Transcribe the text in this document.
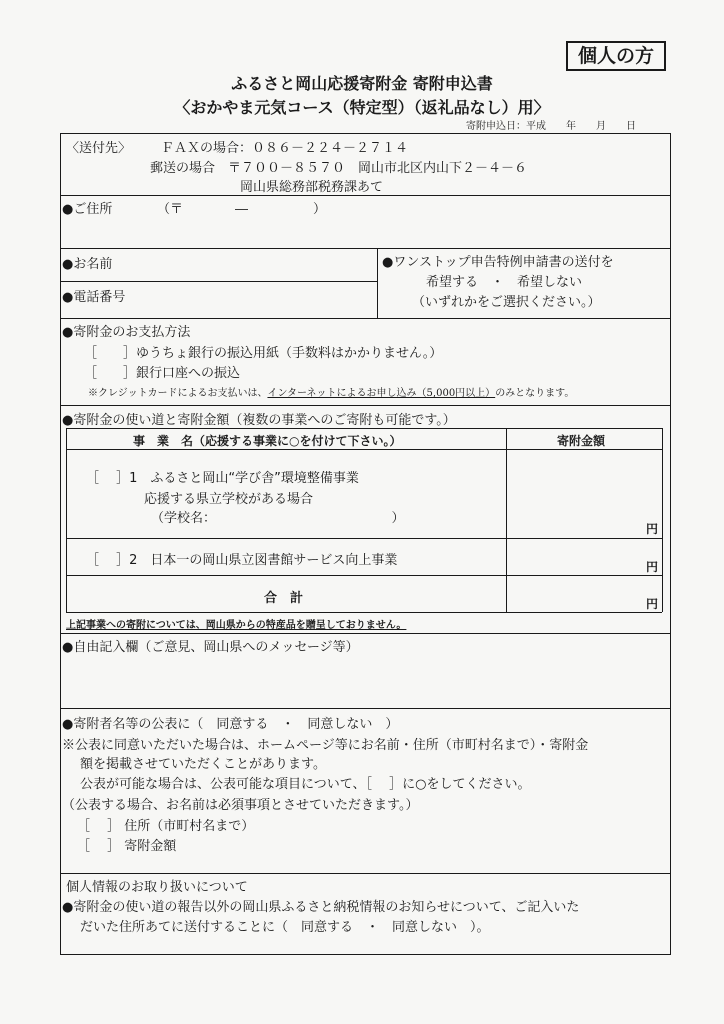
個人の方
ふるさと岡山応援寄附金 寄附申込書
〈おかやま元気コース（特定型）（返礼品なし）用〉
寄附申込日：平成　　年　　月　　日
〈送付先〉 ＦＡＸの場合：０８６－２２４－２７１４
郵送の場合　〒７００－８５７０　岡山市北区内山下２－４－６
岡山県総務部税務課あて
●ご住所	（〒　　　　―　　　　　）
●お名前
●電話番号
●ワンストップ申告特例申請書の送付を
希望する　・　希望しない
（いずれかをご選択ください。）
●寄附金のお支払方法
［　　］ゆうちょ銀行の振込用紙（手数料はかかりません。）
［　　］銀行口座への振込
※クレジットカードによるお支払いは、インターネットによるお申し込み（5,000円以上）のみとなります。
●寄附金の使い道と寄附金額（複数の事業へのご寄附も可能です。）
事　業　名（応援する事業に○を付けて下さい。）	寄附金額
［　 ］1　ふるさと岡山“学び舎”環境整備事業
応援する県立学校がある場合
（学校名：　　　　　　　　　　　　　　）
円
［　 ］2　日本一の岡山県立図書館サービス向上事業	円
合　計	円
上記事業への寄附については、岡山県からの特産品を贈呈しておりません。
●自由記入欄（ご意見、岡山県へのメッセージ等）
●寄附者名等の公表に（　同意する　・　同意しない　）
※公表に同意いただいた場合は、ホームページ等にお名前・住所（市町村名まで）・寄附金
額を掲載させていただくことがあります。
公表が可能な場合は、公表可能な項目について、［　 ］に○をしてください。
（公表する場合、お名前は必須事項とさせていただきます。）
［　 ］ 住所（市町村名まで）
［　 ］ 寄附金額
個人情報のお取り扱いについて
●寄附金の使い道の報告以外の岡山県ふるさと納税情報のお知らせについて、ご記入いた
だいた住所あてに送付することに（　同意する　・　同意しない　）。
